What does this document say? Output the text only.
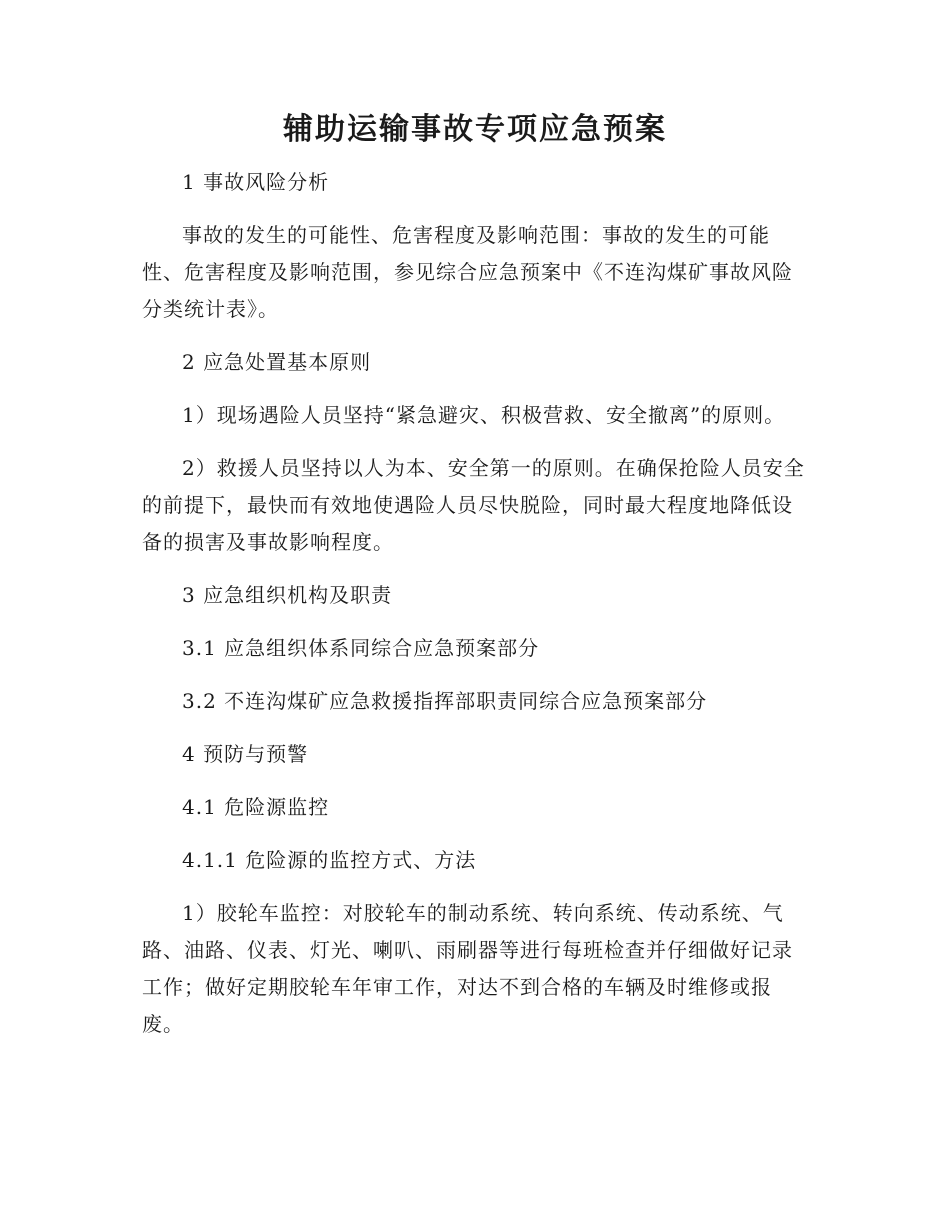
辅助运输事故专项应急预案

1 事故风险分析

事故的发生的可能性、危害程度及影响范围：事故的发生的可能性、危害程度及影响范围，参见综合应急预案中《不连沟煤矿事故风险分类统计表》。

2 应急处置基本原则

1）现场遇险人员坚持“紧急避灾、积极营救、安全撤离”的原则。

2）救援人员坚持以人为本、安全第一的原则。在确保抢险人员安全的前提下，最快而有效地使遇险人员尽快脱险，同时最大程度地降低设备的损害及事故影响程度。

3 应急组织机构及职责

3.1 应急组织体系同综合应急预案部分

3.2 不连沟煤矿应急救援指挥部职责同综合应急预案部分

4 预防与预警

4.1 危险源监控

4.1.1 危险源的监控方式、方法

1）胶轮车监控：对胶轮车的制动系统、转向系统、传动系统、气路、油路、仪表、灯光、喇叭、雨刷器等进行每班检查并仔细做好记录工作；做好定期胶轮车年审工作，对达不到合格的车辆及时维修或报废。
